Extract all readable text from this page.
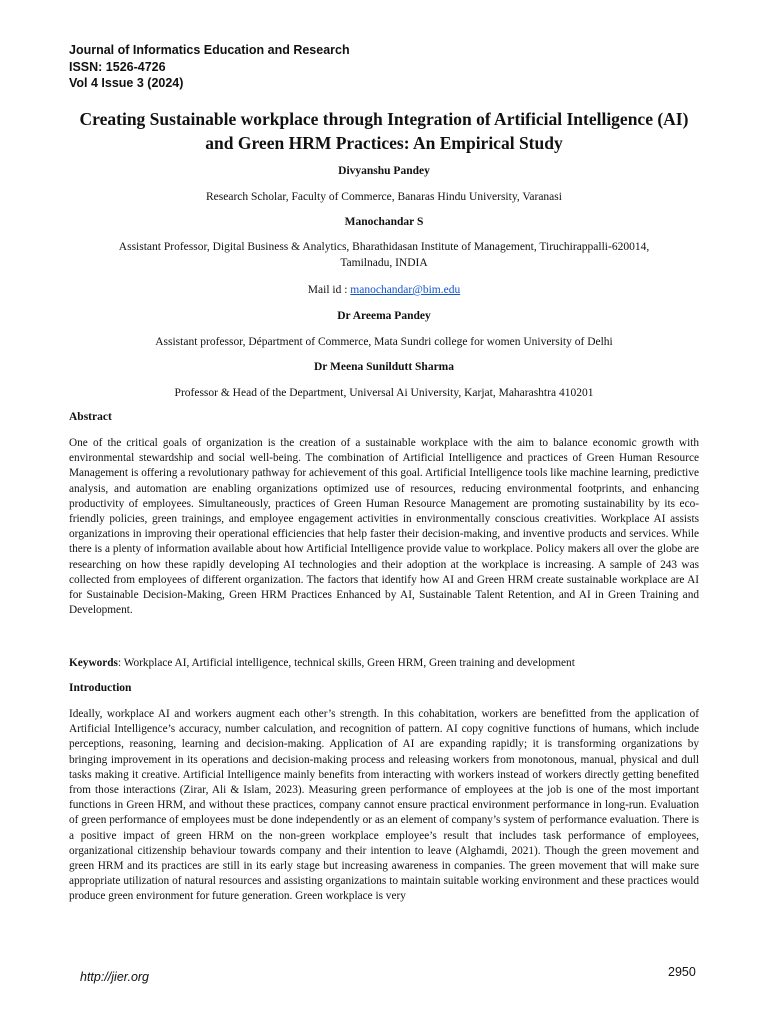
Journal of Informatics Education and Research
ISSN: 1526-4726
Vol 4 Issue 3 (2024)
Creating Sustainable workplace through Integration of Artificial Intelligence (AI)
and Green HRM Practices: An Empirical Study
Divyanshu Pandey
Research Scholar, Faculty of Commerce, Banaras Hindu University, Varanasi
Manochandar S
Assistant Professor, Digital Business & Analytics, Bharathidasan Institute of Management, Tiruchirappalli-620014,
Tamilnadu, INDIA
Mail id : manochandar@bim.edu
Dr Areema Pandey
Assistant professor, Départment of Commerce, Mata Sundri college for women University of Delhi
Dr Meena Sunildutt Sharma
Professor & Head of the Department, Universal Ai University, Karjat, Maharashtra 410201
Abstract

One of the critical goals of organization is the creation of a sustainable workplace with the aim to balance economic growth with environmental stewardship and social well-being. The combination of Artificial Intelligence and practices of Green Human Resource Management is offering a revolutionary pathway for achievement of this goal. Artificial Intelligence tools like machine learning, predictive analysis, and automation are enabling organizations optimized use of resources, reducing environmental footprints, and enhancing productivity of employees. Simultaneously, practices of Green Human Resource Management are promoting sustainability by its eco-friendly policies, green trainings, and employee engagement activities in environmentally conscious creativities. Workplace AI assists organizations in improving their operational efficiencies that help faster their decision-making, and inventive products and services. While there is a plenty of information available about how Artificial Intelligence provide value to workplace. Policy makers all over the globe are researching on how these rapidly developing AI technologies and their adoption at the workplace is increasing. A sample of 243 was collected from employees of different organization. The factors that identify how AI and Green HRM create sustainable workplace are AI for Sustainable Decision-Making, Green HRM Practices Enhanced by AI, Sustainable Talent Retention, and AI in Green Training and Development.

Keywords: Workplace AI, Artificial intelligence, technical skills, Green HRM, Green training and development
Introduction

Ideally, workplace AI and workers augment each other’s strength. In this cohabitation, workers are benefitted from the application of Artificial Intelligence’s accuracy, number calculation, and recognition of pattern. AI copy cognitive functions of humans, which include perceptions, reasoning, learning and decision-making. Application of AI are expanding rapidly; it is transforming organizations by bringing improvement in its operations and decision-making process and releasing workers from monotonous, manual, physical and dull tasks making it creative. Artificial Intelligence mainly benefits from interacting with workers instead of workers directly getting benefited from those interactions (Zirar, Ali & Islam, 2023). Measuring green performance of employees at the job is one of the most important functions in Green HRM, and without these practices, company cannot ensure practical environment performance in long-run. Evaluation of green performance of employees must be done independently or as an element of company’s system of performance evaluation. There is a positive impact of green HRM on the non-green workplace employee’s result that includes task performance of employees, organizational citizenship behaviour towards company and their intention to leave (Alghamdi, 2021). Though the green movement and green HRM and its practices are still in its early stage but increasing awareness in companies. The green movement that will make sure appropriate utilization of natural resources and assisting organizations to maintain suitable working environment and these practices would produce green environment for future generation. Green workplace is very

http://jier.org	2950
